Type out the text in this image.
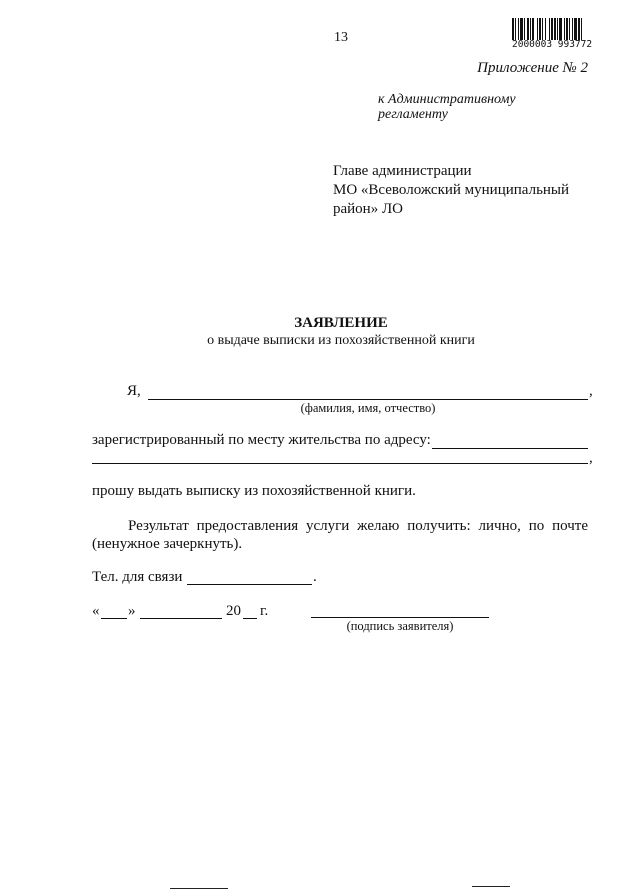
13	2000003 993772
Приложение № 2
к Административному
регламенту
Главе администрации
МО «Всеволожский муниципальный
район» ЛО
ЗАЯВЛЕНИЕ
о выдаче выписки из похозяйственной книги
Я,	,
(фамилия, имя, отчество)
зарегистрированный по месту жительства по адресу:
,
прошу выдать выписку из похозяйственной книги.
Результат предоставления услуги желаю получить: лично, по почте (ненужное зачеркнуть).
Тел. для связи	.
« »	20 г.
(подпись заявителя)
